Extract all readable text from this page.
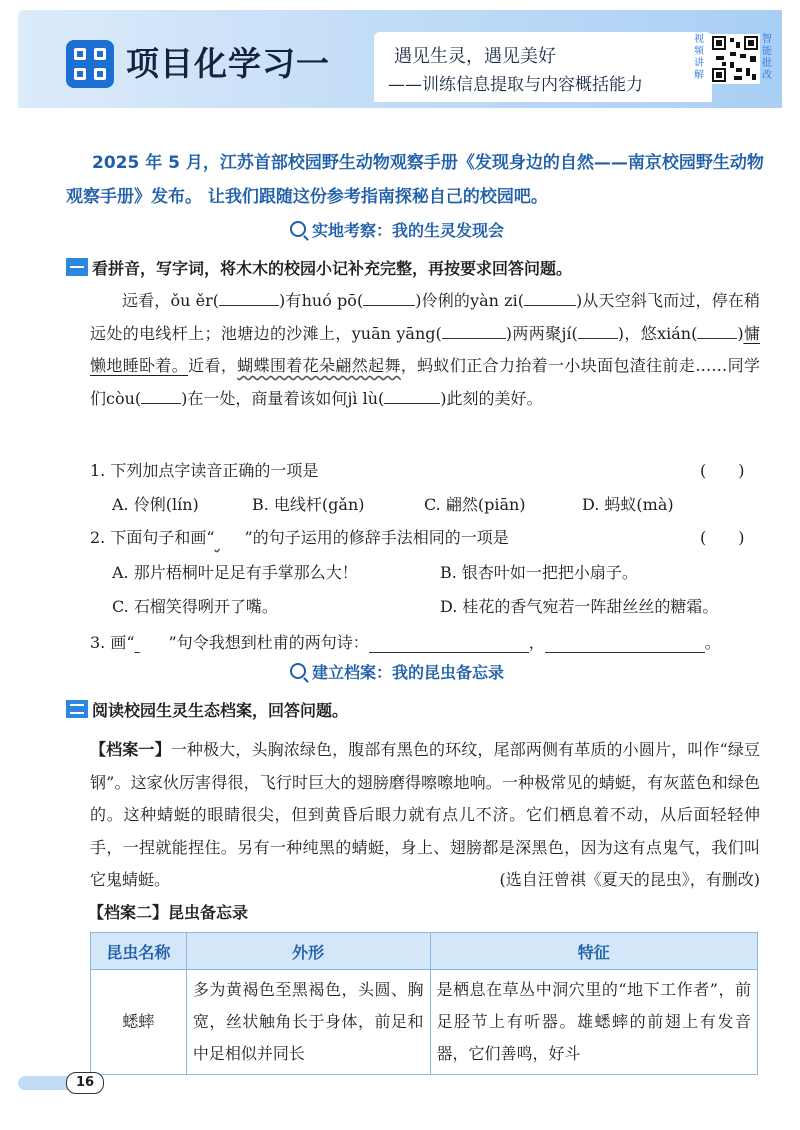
项目化学习一	遇见生灵，遇见美好
——训练信息提取与内容概括能力
视频讲解
智能批改
2025 年 5 月，江苏首部校园野生动物观察手册《发现身边的自然——南京校园野生动物观察手册》发布。 让我们跟随这份参考指南探秘自己的校园吧。
实地考察：我的生灵发现会
看拼音，写字词，将木木的校园小记补充完整，再按要求回答问题。
远看，ǒu ěr(	)有huó pō(	)伶俐的yàn zi(	)从天空斜飞而过，停在稍远处的电线杆上；池塘边的沙滩上，yuān yāng(	)两两聚jí(	)，悠xián(	)慵懒地睡卧着。近看，蝴蝶围着花朵翩然起舞，蚂蚁们正合力抬着一小块面包渣往前走……同学们còu(	)在一处，商量着该如何jì lù(	)此刻的美好。
1. 下列加点字读音正确的一项是	(　　)
A. 伶俐(lín)	B. 电线杆(gǎn)	C. 翩然(piān)	D. 蚂蚁(mà)
2. 下面句子和画“ ”的句子运用的修辞手法相同的一项是	(　　)
A. 那片梧桐叶足足有手掌那么大！	B. 银杏叶如一把把小扇子。
C. 石榴笑得咧开了嘴。	D. 桂花的香气宛若一阵甜丝丝的糖霜。
3. 画“ ”句令我想到杜甫的两句诗：	，	。
建立档案：我的昆虫备忘录
阅读校园生灵生态档案，回答问题。
【档案一】一种极大，头胸浓绿色，腹部有黑色的环纹，尾部两侧有革质的小圆片，叫作“绿豆钢”。这家伙厉害得很，飞行时巨大的翅膀磨得嚓嚓地响。一种极常见的蜻蜓，有灰蓝色和绿色的。这种蜻蜓的眼睛很尖，但到黄昏后眼力就有点儿不济。它们栖息着不动，从后面轻轻伸手，一捏就能捏住。另有一种纯黑的蜻蜓，身上、翅膀都是深黑色，因为这有点鬼气，我们叫它鬼蜻蜓。	(选自汪曾祺《夏天的昆虫》，有删改)
【档案二】昆虫备忘录
昆虫名称	外形	特征
蟋蟀	多为黄褐色至黑褐色，头圆、胸宽，丝状触角长于身体，前足和中足相似并同长	是栖息在草丛中洞穴里的“地下工作者”，前足胫节上有听器。雄蟋蟀的前翅上有发音器，它们善鸣，好斗
16
